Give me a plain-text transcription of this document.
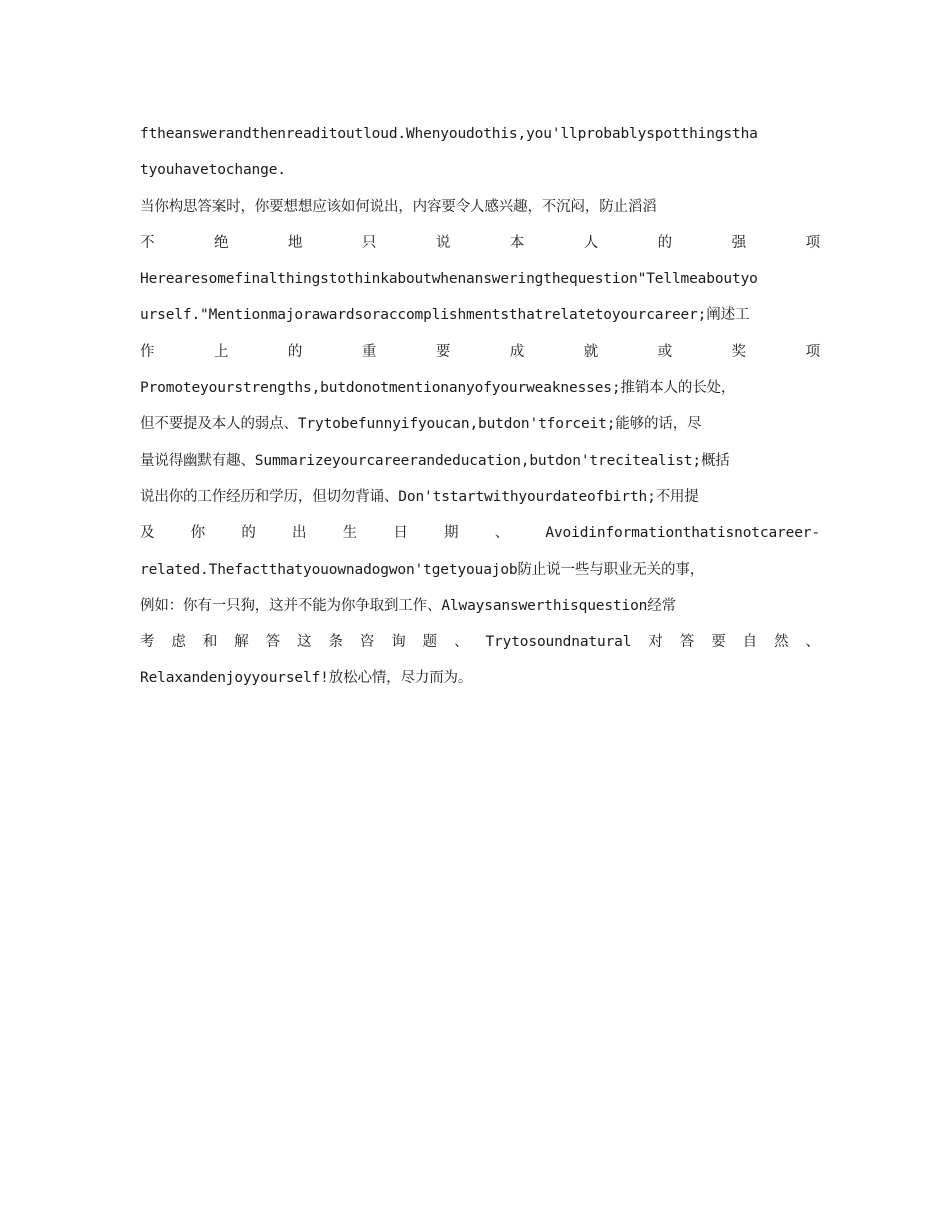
ftheanswerandthenreaditoutloud.Whenyoudothis,you'llprobablyspotthingstha
tyouhavetochange.
当你构思答案时，你要想想应该如何说出，内容要令人感兴趣，不沉闷，防止滔滔
不	绝	地	只	说	本	人	的	强	项
Herearesomefinalthingstothinkaboutwhenansweringthequestion"Tellmeaboutyo
urself."Mentionmajorawardsoraccomplishmentsthatrelatetoyourcareer;阐述工
作	上	的	重	要	成	就	或	奖	项
Promoteyourstrengths,butdonotmentionanyofyourweaknesses;推销本人的长处，
但不要提及本人的弱点、Trytobefunnyifyoucan,butdon'tforceit;能够的话，尽
量说得幽默有趣、Summarizeyourcareerandeducation,butdon'trecitealist;概括
说出你的工作经历和学历，但切勿背诵、Don'tstartwithyourdateofbirth;不用提
及	你	的	出	生	日	期	、	Avoidinformationthatisnotcareer-
related.Thefactthatyouownadogwon'tgetyouajob防止说一些与职业无关的事，
例如：你有一只狗，这并不能为你争取到工作、Alwaysanswerthisquestion经常
考 虑 和 解 答 这 条 咨 询 题 、 Trytosoundnatural 对 答 要 自 然 、
Relaxandenjoyyourself!放松心情，尽力而为。
